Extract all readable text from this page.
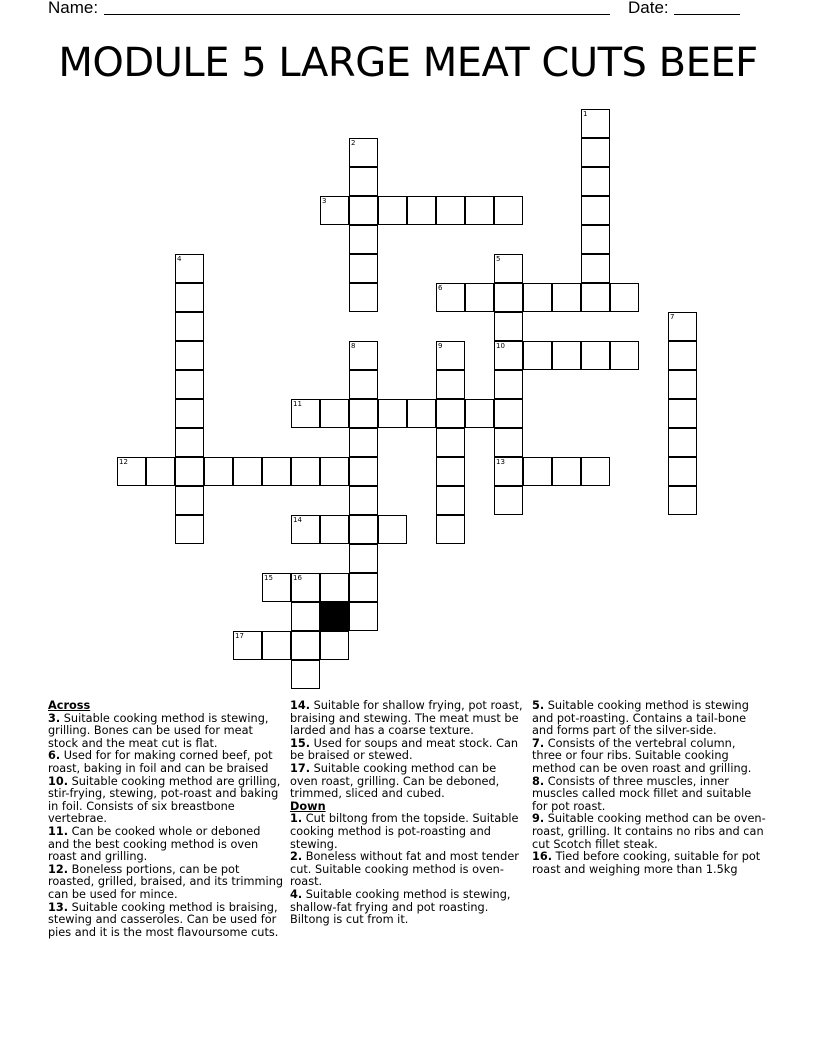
Name:	Date:
MODULE 5 LARGE MEAT CUTS BEEF
1
2
3
4	5
10
13
6
7
8	9
11
12
14
15	16
17

Across

3. Suitable cooking method is stewing, grilling. Bones can be used for meat stock and the meat cut is flat.

6. Used for for making corned beef, pot roast, baking in foil and can be braised

10. Suitable cooking method are grilling, stir-frying, stewing, pot-roast and baking in foil. Consists of six breastbone vertebrae.

11. Can be cooked whole or deboned and the best cooking method is oven roast and grilling.

12. Boneless portions, can be pot roasted, grilled, braised, and its trimming can be used for mince.

13. Suitable cooking method is braising, stewing and casseroles. Can be used for pies and it is the most flavoursome cuts.

14. Suitable for shallow frying, pot roast, braising and stewing. The meat must be larded and has a coarse texture.

15. Used for soups and meat stock. Can be braised or stewed.

17. Suitable cooking method can be oven roast, grilling. Can be deboned, trimmed, sliced and cubed.

Down

1. Cut biltong from the topside. Suitable cooking method is pot-roasting and stewing.

2. Boneless without fat and most tender cut. Suitable cooking method is oven-roast.

4. Suitable cooking method is stewing, shallow-fat frying and pot roasting. Biltong is cut from it.

5. Suitable cooking method is stewing and pot-roasting. Contains a tail-bone and forms part of the silver-side.

7. Consists of the vertebral column, three or four ribs. Suitable cooking method can be oven roast and grilling.

8. Consists of three muscles, inner muscles called mock fillet and suitable for pot roast.

9. Suitable cooking method can be oven-roast, grilling. It contains no ribs and can cut Scotch fillet steak.

16. Tied before cooking, suitable for pot roast and weighing more than 1.5kg
